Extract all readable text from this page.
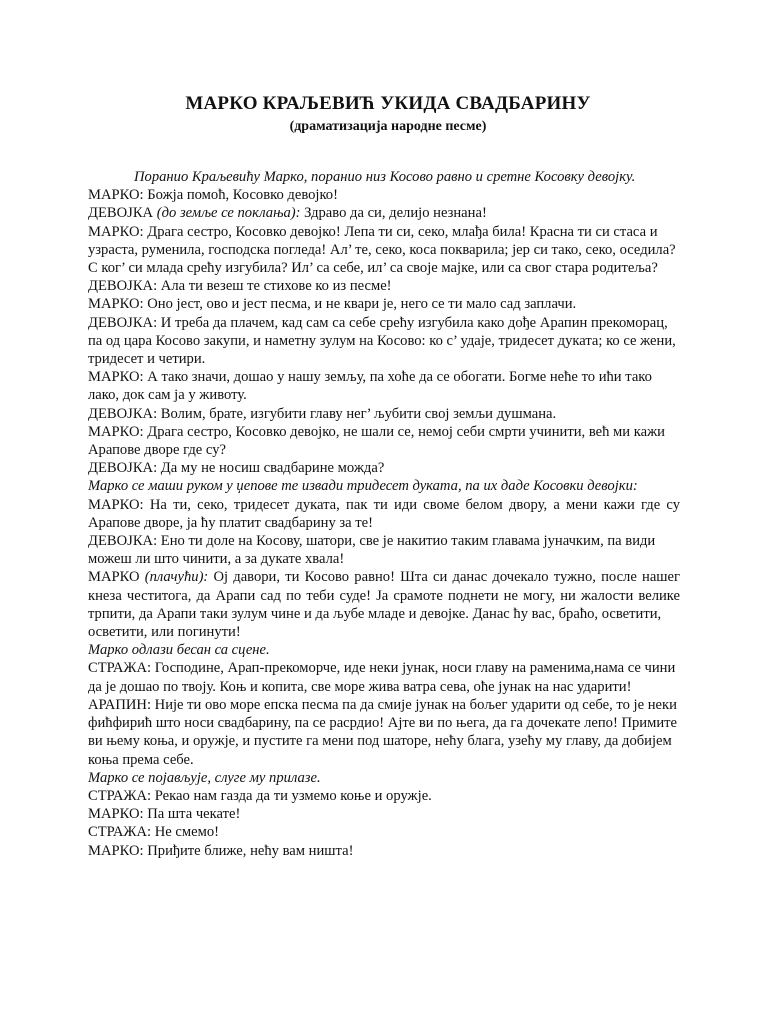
МАРКО КРАЉЕВИЋ УКИДА СВАДБАРИНУ
(драматизација народне песме)

Поранио Краљевићу Марко, поранио низ Косово равно и сретне Косовку девојку.

МАРКО: Божја помоћ, Косовко девојко!

ДЕВОЈКА (до земље се поклања): Здраво да си, делијо незнана!

МАРКО: Драга сестро, Косовко девојко! Лепа ти си, секо, млађа била! Красна ти си стаса и узраста, руменила, господска погледа! Ал’ те, секо, коса покварила; јер си тако, секо, оседила?

С ког’ си млада срећу изгубила? Ил’ са себе, ил’ са своје мајке, или са свог стара родитеља?

ДЕВОЈКА: Ала ти везеш те стихове ко из песме!

МАРКО: Оно јест, ово и јест песма, и не квари је, него се ти мало сад заплачи.

ДЕВОЈКА: И треба да плачем, кад сам са себе срећу изгубила како дође Арапин прекоморац,

па од цара Косово закупи, и наметну зулум на Косово: ко с’ удаје, тридесет дуката; ко се жени, тридесет и четири.

МАРКО: А тако значи, дошао у нашу земљу, па хоће да се обогати. Богме неће то ићи тако лако, док сам ја у животу.

ДЕВОЈКА: Волим, брате, изгубити главу нег’ љубити свој земљи душмана.

МАРКО: Драга сестро, Косовко девојко, не шали се, немој себи смрти учинити, већ ми кажи Арапове дворе где су?

ДЕВОЈКА: Да му не носиш свадбарине можда?

Марко се маши руком у џепове те извади тридесет дуката, па их даде Косовки девојки:

МАРКО: На ти, секо, тридесет дуката, пак ти иди своме белом двору, а мени кажи где су Арапове дворе, ја ћу платит свадбарину за те!

ДЕВОЈКА: Ено ти доле на Косову, шатори, све је накитио таким главама јуначким, па види можеш ли што чинити, а за дукате хвала!

МАРКО (плачући): Ој давори, ти Косово равно! Шта си данас дочекало тужно, после нашег кнеза честитога, да Арапи сад по теби суде! Ја срамоте поднети не могу, ни жалости велике трпити, да Арапи таки зулум чине и да љубе младе и девојке. Данас ћу вас, браћо, осветити,

осветити, или погинути!

Марко одлази бесан са сцене.

СТРАЖА: Господине, Арап-прекоморче, иде неки јунак, носи главу на раменима,нама се чини да је дошао по твоју. Коњ и копита, све море жива ватра сева, оће јунак на нас ударити!

АРАПИН: Није ти ово море епска песма па да смије јунак на бољег ударити од себе, то је неки фићфирић што носи свадбарину, па се расрдио! Ајте ви по њега, да га дочекате лепо! Примите ви њему коња, и оружје, и пустите га мени под шаторе, нећу блага, узећу му главу, да добијем коња према себе.

Марко се појављује, слуге му прилазе.

СТРАЖА: Рекао нам газда да ти узмемо коње и оружје.

МАРКО: Па шта чекате!

СТРАЖА: Не смемо!

МАРКО: Приђите ближе, нећу вам ништа!
